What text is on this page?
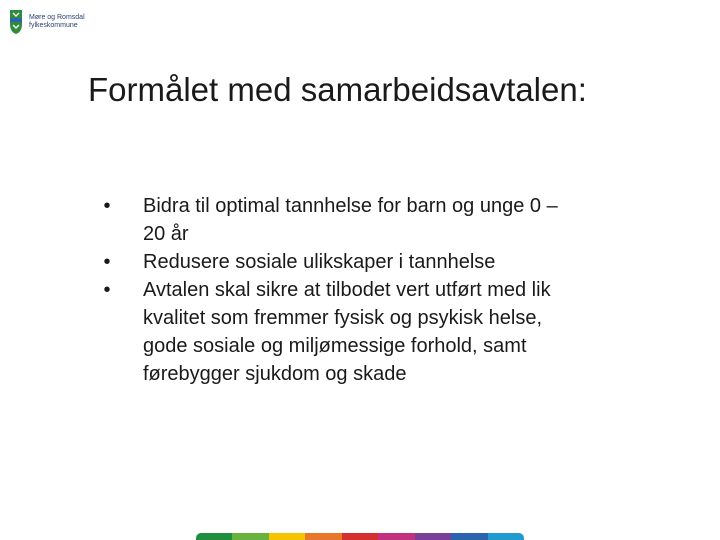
Møre og Romsdal
fylkeskommune
Formålet med samarbeidsavtalen:
• Bidra til optimal tannhelse for barn og unge 0 – 20 år
• Redusere sosiale ulikskaper i tannhelse
• Avtalen skal sikre at tilbodet vert utført med lik kvalitet som fremmer fysisk og psykisk helse, gode sosiale og miljømessige forhold, samt førebygger sjukdom og skade
